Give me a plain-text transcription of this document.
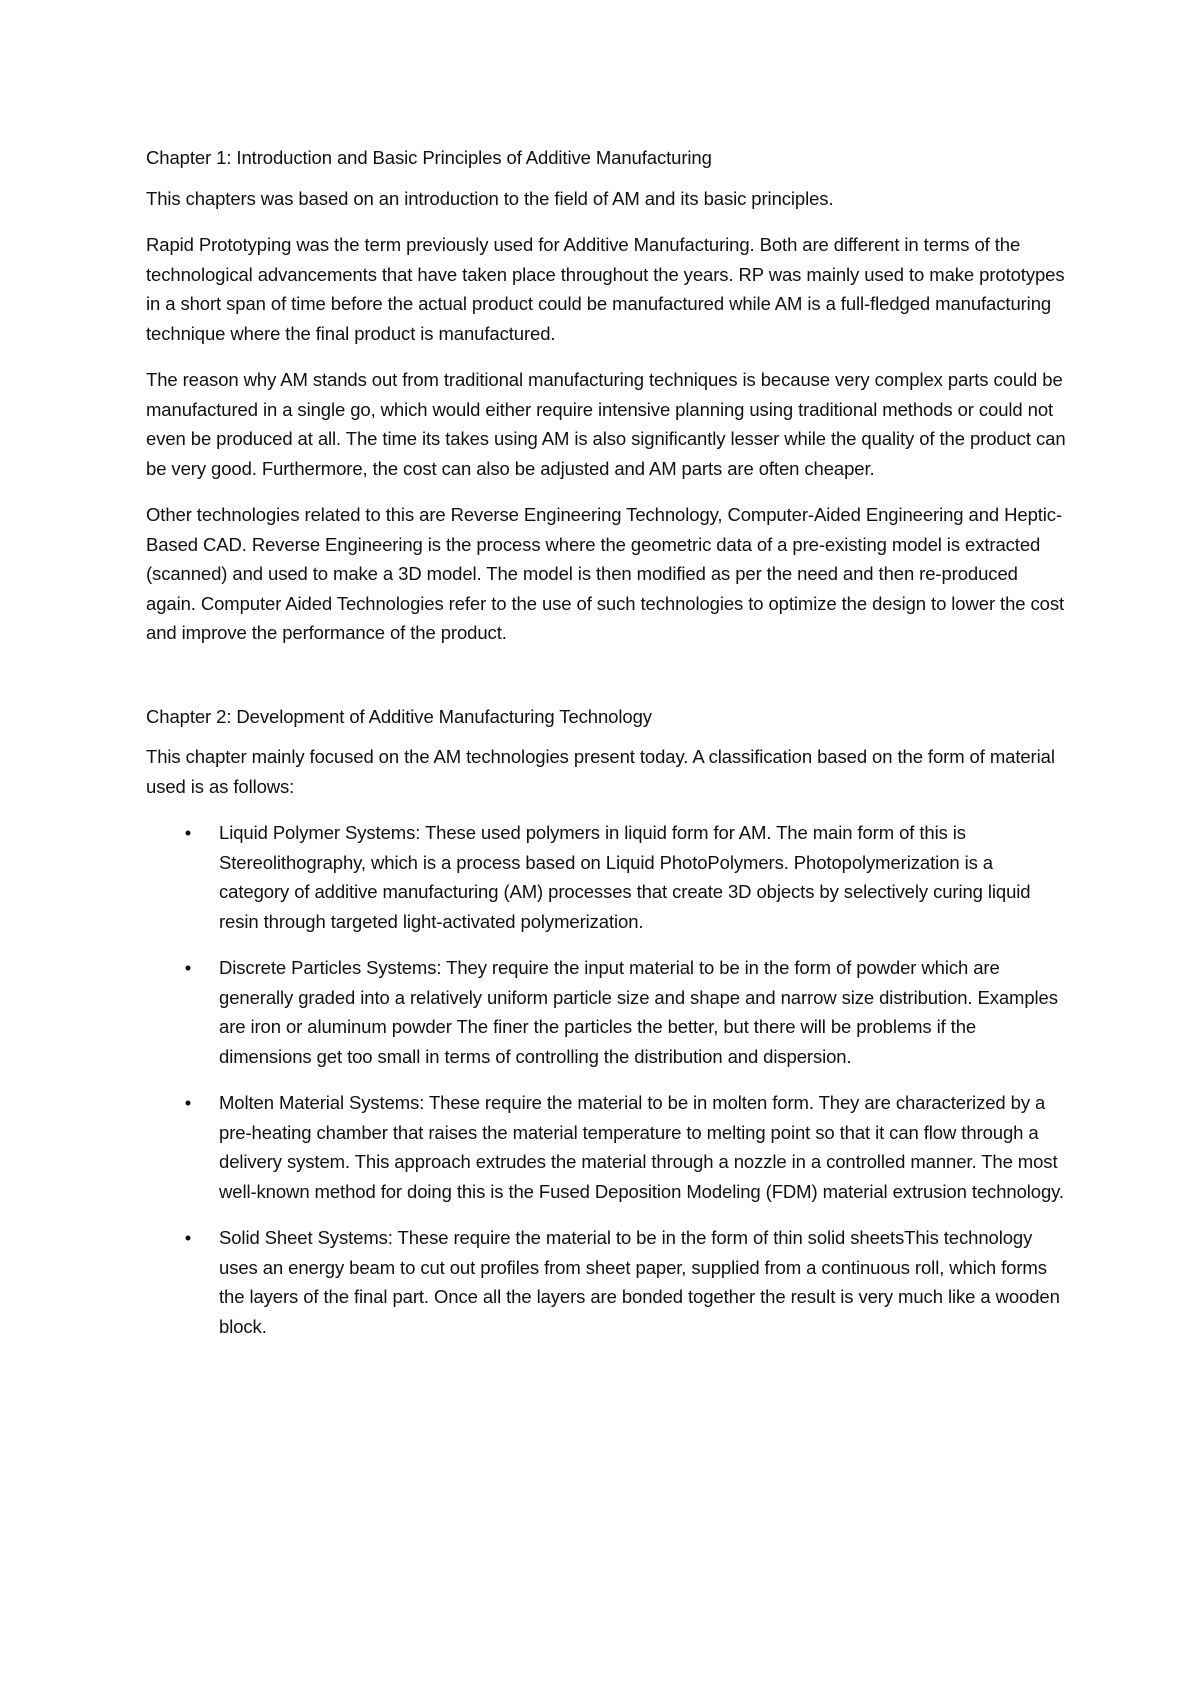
Chapter 1: Introduction and Basic Principles of Additive Manufacturing

This chapters was based on an introduction to the field of AM and its basic principles.

Rapid Prototyping was the term previously used for Additive Manufacturing. Both are different in terms of the technological advancements that have taken place throughout the years. RP was mainly used to make prototypes in a short span of time before the actual product could be manufactured while AM is a full-fledged manufacturing technique where the final product is manufactured.

The reason why AM stands out from traditional manufacturing techniques is because very complex parts could be manufactured in a single go, which would either require intensive planning using traditional methods or could not even be produced at all. The time its takes using AM is also significantly lesser while the quality of the product can be very good. Furthermore, the cost can also be adjusted and AM parts are often cheaper.

Other technologies related to this are Reverse Engineering Technology, Computer-Aided Engineering and Heptic-Based CAD. Reverse Engineering is the process where the geometric data of a pre-existing model is extracted (scanned) and used to make a 3D model. The model is then modified as per the need and then re-produced again. Computer Aided Technologies refer to the use of such technologies to optimize the design to lower the cost and improve the performance of the product.

Chapter 2: Development of Additive Manufacturing Technology

This chapter mainly focused on the AM technologies present today. A classification based on the form of material used is as follows:

• Liquid Polymer Systems: These used polymers in liquid form for AM. The main form of this is Stereolithography, which is a process based on Liquid PhotoPolymers. Photopolymerization is a category of additive manufacturing (AM) processes that create 3D objects by selectively curing liquid resin through targeted light-activated polymerization.
• Discrete Particles Systems: They require the input material to be in the form of powder which are generally graded into a relatively uniform particle size and shape and narrow size distribution. Examples are iron or aluminum powder The finer the particles the better, but there will be problems if the dimensions get too small in terms of controlling the distribution and dispersion.
• Molten Material Systems: These require the material to be in molten form. They are characterized by a pre-heating chamber that raises the material temperature to melting point so that it can flow through a delivery system. This approach extrudes the material through a nozzle in a controlled manner. The most well-known method for doing this is the Fused Deposition Modeling (FDM) material extrusion technology.
• Solid Sheet Systems: These require the material to be in the form of thin solid sheetsThis technology uses an energy beam to cut out profiles from sheet paper, supplied from a continuous roll, which forms the layers of the final part. Once all the layers are bonded together the result is very much like a wooden block.
